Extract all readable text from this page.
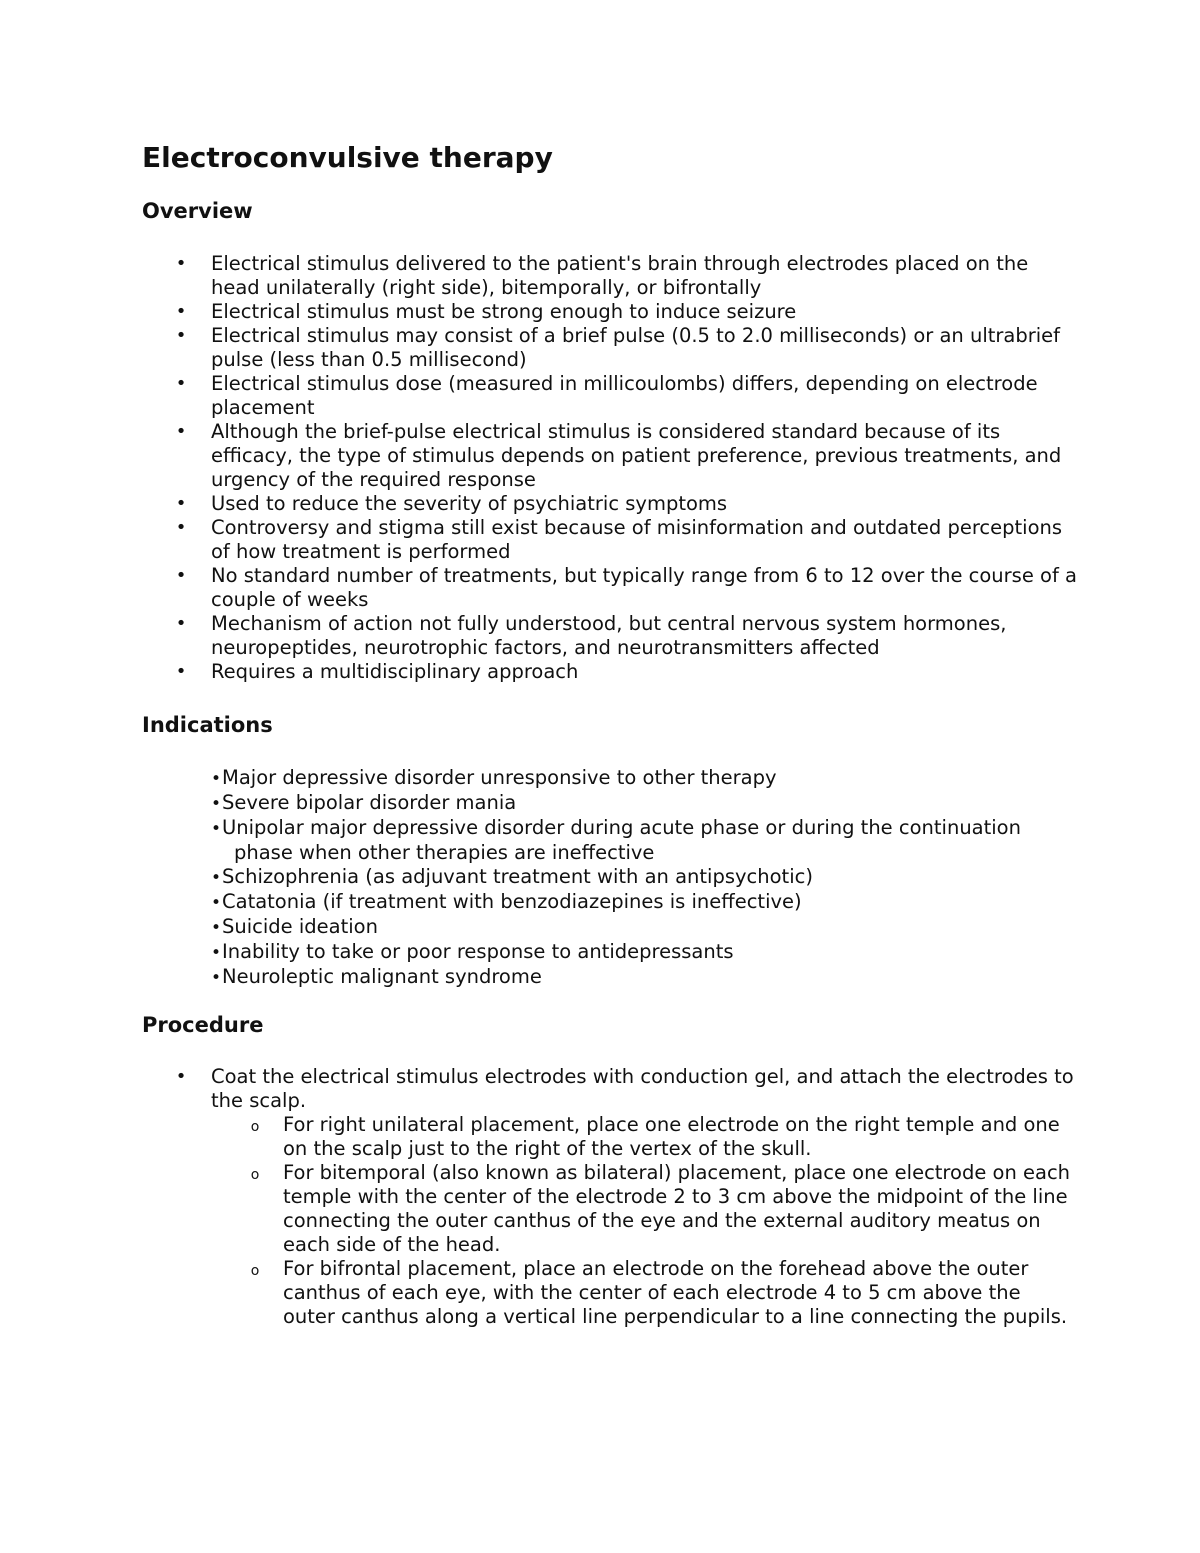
Electroconvulsive therapy
Overview
• Electrical stimulus delivered to the patient's brain through electrodes placed on the head unilaterally (right side), bitemporally, or bifrontally
• Electrical stimulus must be strong enough to induce seizure
• Electrical stimulus may consist of a brief pulse (0.5 to 2.0 milliseconds) or an ultrabrief pulse (less than 0.5 millisecond)
• Electrical stimulus dose (measured in millicoulombs) differs, depending on electrode placement
• Although the brief-pulse electrical stimulus is considered standard because of its efficacy, the type of stimulus depends on patient preference, previous treatments, and urgency of the required response
• Used to reduce the severity of psychiatric symptoms
• Controversy and stigma still exist because of misinformation and outdated perceptions of how treatment is performed
• No standard number of treatments, but typically range from 6 to 12 over the course of a couple of weeks
• Mechanism of action not fully understood, but central nervous system hormones, neuropeptides, neurotrophic factors, and neurotransmitters affected
• Requires a multidisciplinary approach
Indications
•Major depressive disorder unresponsive to other therapy
•Severe bipolar disorder mania
•Unipolar major depressive disorder during acute phase or during the continuation phase when other therapies are ineffective
•Schizophrenia (as adjuvant treatment with an antipsychotic)
•Catatonia (if treatment with benzodiazepines is ineffective)
•Suicide ideation
•Inability to take or poor response to antidepressants
•Neuroleptic malignant syndrome
Procedure
• Coat the electrical stimulus electrodes with conduction gel, and attach the electrodes to the scalp.
o For right unilateral placement, place one electrode on the right temple and one on the scalp just to the right of the vertex of the skull.
o For bitemporal (also known as bilateral) placement, place one electrode on each temple with the center of the electrode 2 to 3 cm above the midpoint of the line connecting the outer canthus of the eye and the external auditory meatus on each side of the head.
o For bifrontal placement, place an electrode on the forehead above the outer canthus of each eye, with the center of each electrode 4 to 5 cm above the outer canthus along a vertical line perpendicular to a line connecting the pupils.
